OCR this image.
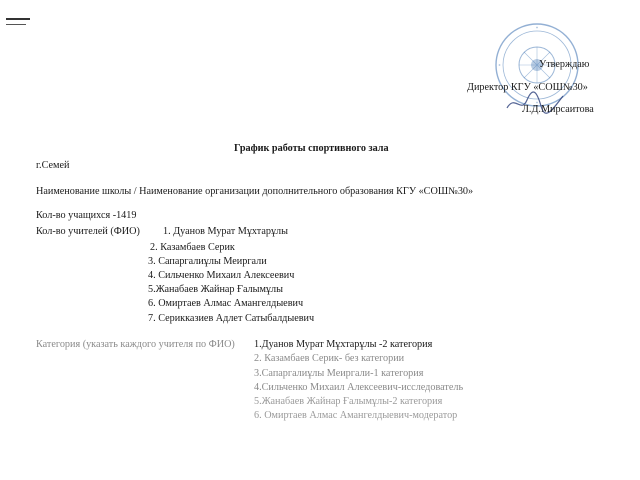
Утверждаю
Директор КГУ «СОШ№30»
Л.Д.Мирсаитова
График работы спортивного зала
г.Семей
Наименование школы / Наименование организации дополнительного образования КГУ «СОШ№30»
Кол-во учащихся -1419
Кол-во учителей (ФИО) 1. Дуанов Мурат Мұхтарұлы
2. Казамбаев Серик
3. Сапаргалиұлы Меиргали
4. Сильченко Михаил Алексеевич
5.Жанабаев Жайнар Ғалымұлы
6. Омиртаев Алмас Амангелдыевич
7. Серикказиев Адлет Сатыбалдыевич
Категория (указать каждого учителя по ФИО) 1.Дуанов Мурат Мұхтарұлы -2 категория
2. Казамбаев Серик- без категории
3.Сапаргалиұлы Меиргали-1 категория
4.Сильченко Михаил Алексеевич-исследователь
5.Жанабаев Жайнар Ғалымұлы-2 категория
6. Омиртаев Алмас Амангелдыевич-модератор
